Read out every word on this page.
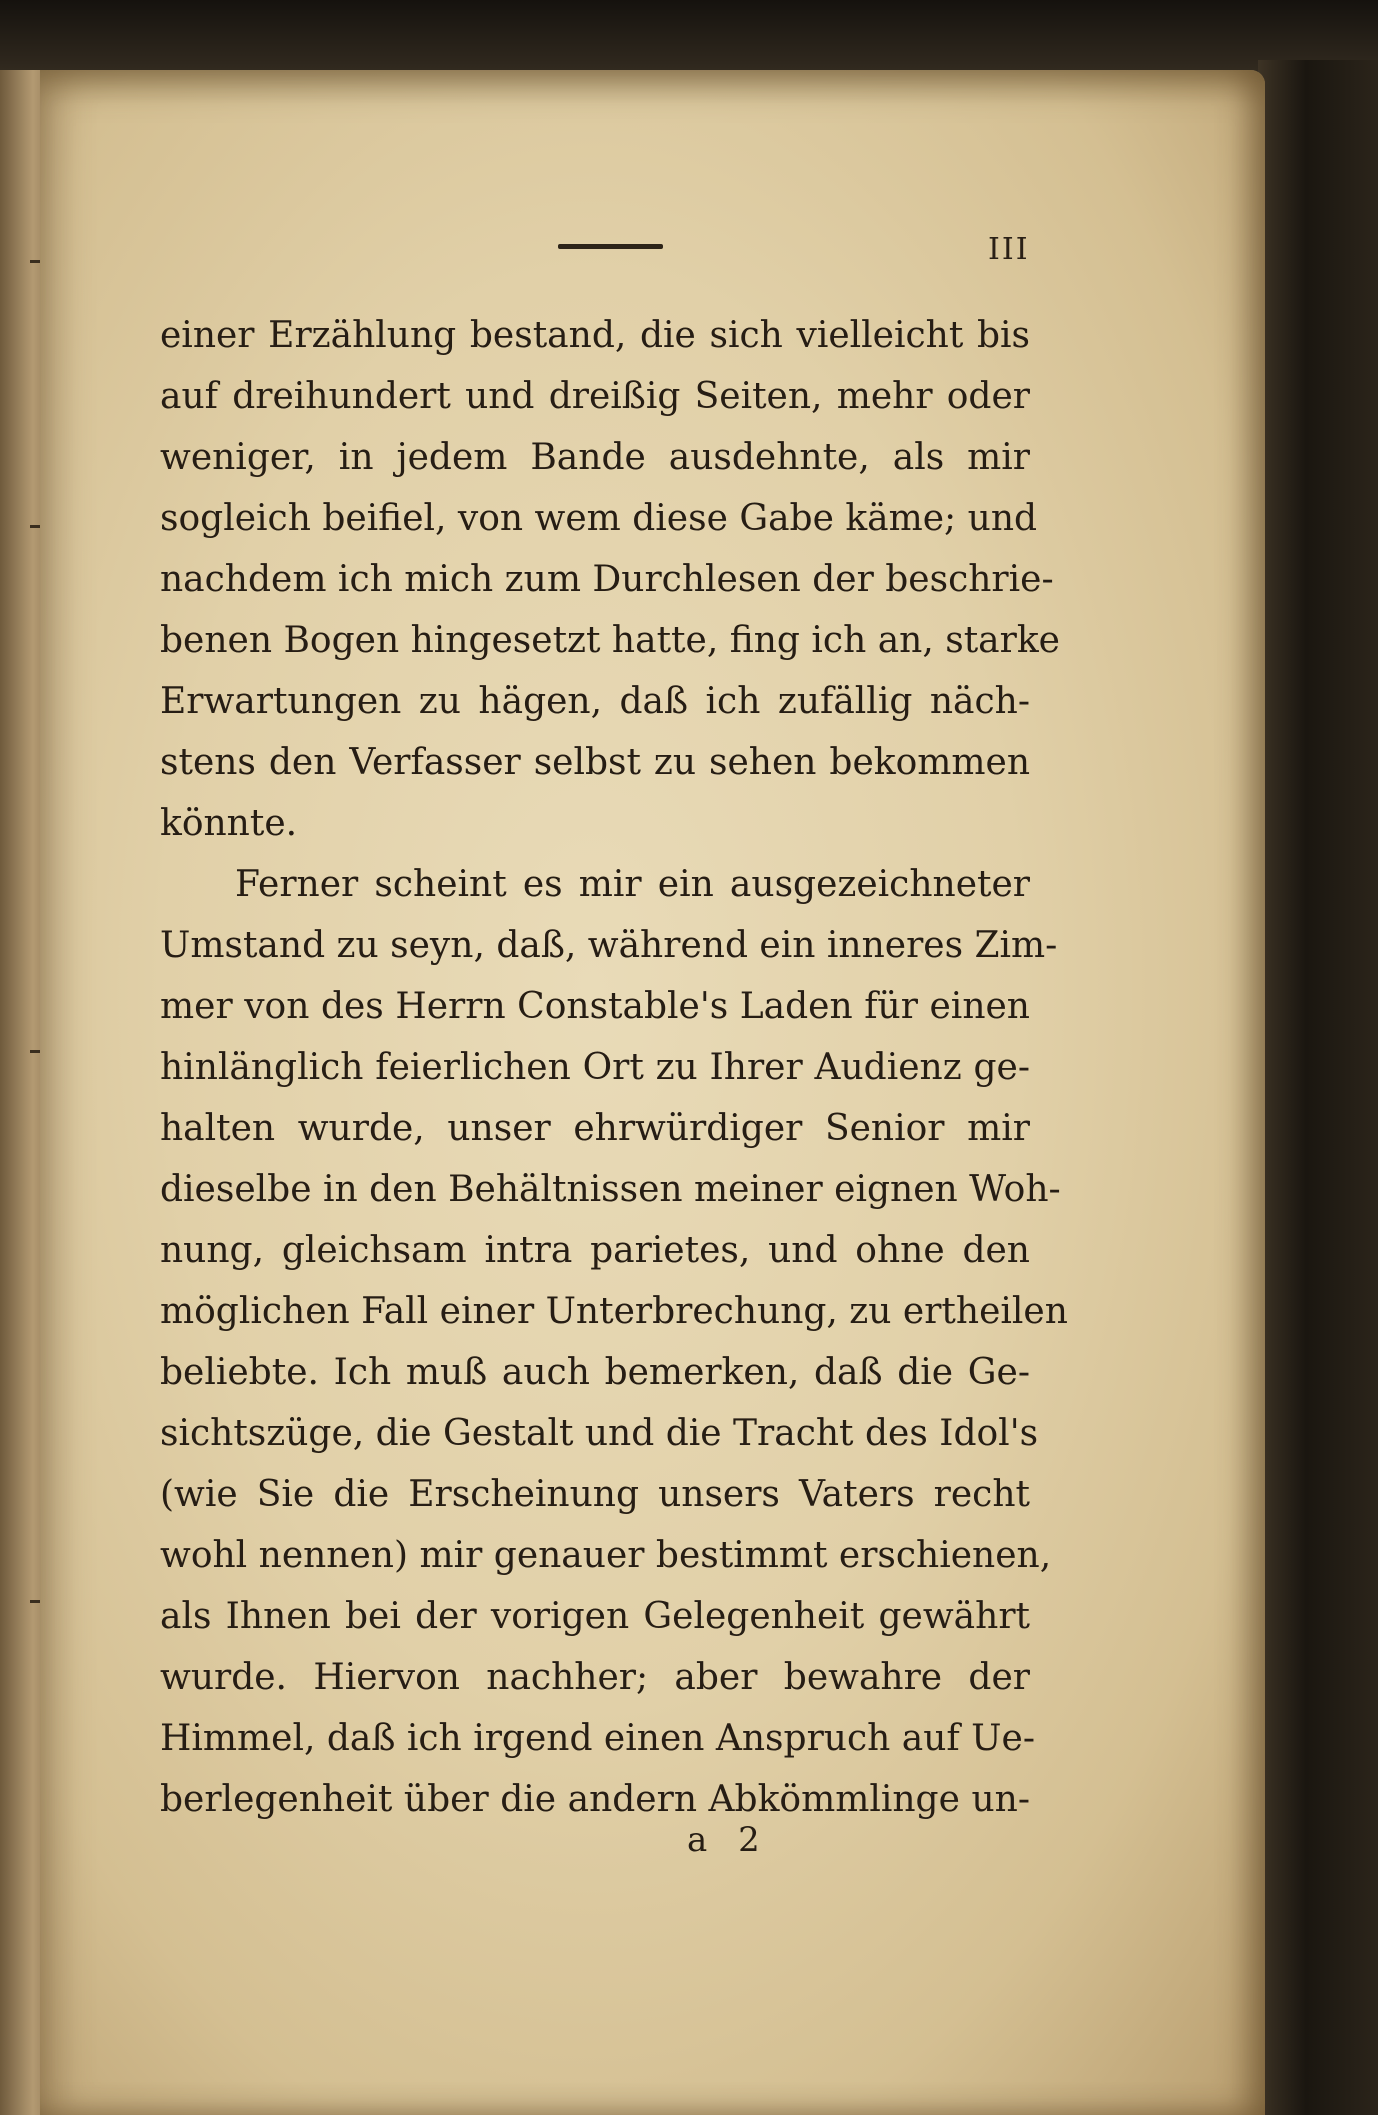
III
einer Erzählung bestand, die sich vielleicht bis
auf dreihundert und dreißig Seiten, mehr oder
weniger, in jedem Bande ausdehnte, als mir
sogleich beifiel, von wem diese Gabe käme; und
nachdem ich mich zum Durchlesen der beschrie-
benen Bogen hingesetzt hatte, fing ich an, starke
Erwartungen zu hägen, daß ich zufällig näch-
stens den Verfasser selbst zu sehen bekommen
könnte.
Ferner scheint es mir ein ausgezeichneter
Umstand zu seyn, daß, während ein inneres Zim-
mer von des Herrn Constable's Laden für einen
hinlänglich feierlichen Ort zu Ihrer Audienz ge-
halten wurde, unser ehrwürdiger Senior mir
dieselbe in den Behältnissen meiner eignen Woh-
nung, gleichsam intra parietes, und ohne den
möglichen Fall einer Unterbrechung, zu ertheilen
beliebte. Ich muß auch bemerken, daß die Ge-
sichtszüge, die Gestalt und die Tracht des Idol's
(wie Sie die Erscheinung unsers Vaters recht
wohl nennen) mir genauer bestimmt erschienen,
als Ihnen bei der vorigen Gelegenheit gewährt
wurde. Hiervon nachher; aber bewahre der
Himmel, daß ich irgend einen Anspruch auf Ue-
berlegenheit über die andern Abkömmlinge un-
a 2
